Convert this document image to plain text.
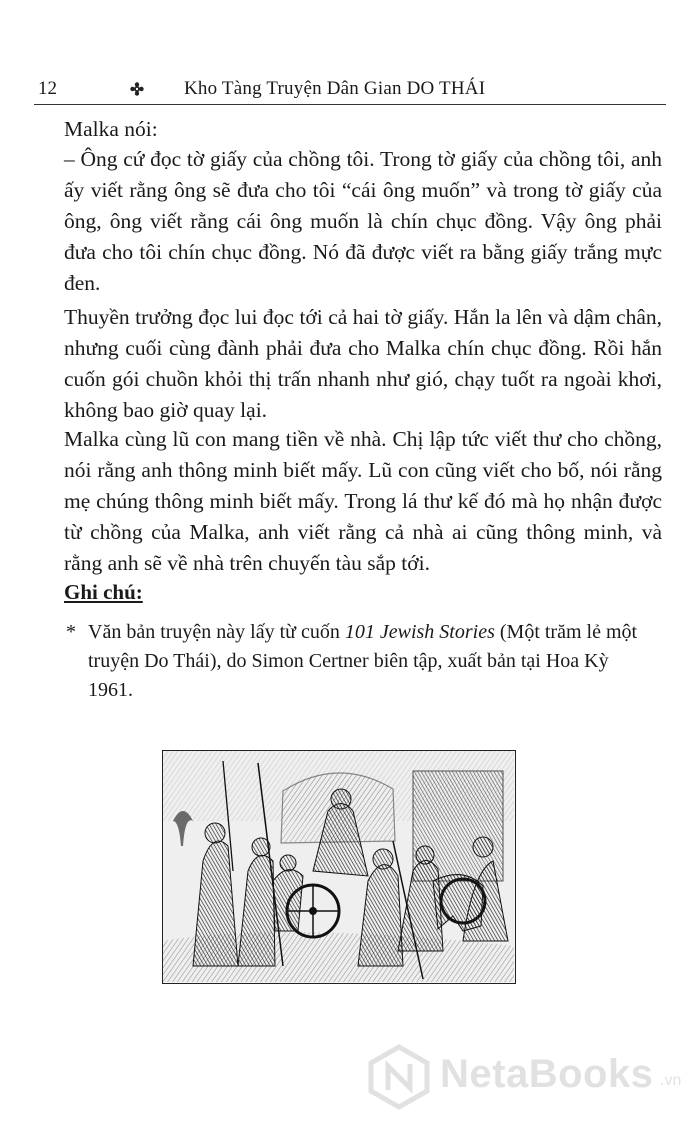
12	Kho Tàng Truyện Dân Gian DO THÁI

Malka nói:

– Ông cứ đọc tờ giấy của chồng tôi. Trong tờ giấy của chồng tôi, anh ấy viết rằng ông sẽ đưa cho tôi “cái ông muốn” và trong tờ giấy của ông, ông viết rằng cái ông muốn là chín chục đồng. Vậy ông phải đưa cho tôi chín chục đồng. Nó đã được viết ra bằng giấy trắng mực đen.

Thuyền trưởng đọc lui đọc tới cả hai tờ giấy. Hắn la lên và dậm chân, nhưng cuối cùng đành phải đưa cho Malka chín chục đồng. Rồi hắn cuốn gói chuồn khỏi thị trấn nhanh như gió, chạy tuốt ra ngoài khơi, không bao giờ quay lại.

Malka cùng lũ con mang tiền về nhà. Chị lập tức viết thư cho chồng, nói rằng anh thông minh biết mấy. Lũ con cũng viết cho bố, nói rằng mẹ chúng thông minh biết mấy. Trong lá thư kế đó mà họ nhận được từ chồng của Malka, anh viết rằng cả nhà ai cũng thông minh, và rằng anh sẽ về nhà trên chuyến tàu sắp tới.

Ghi chú:

* Văn bản truyện này lấy từ cuốn 101 Jewish Stories (Một trăm lẻ một truyện Do Thái), do Simon Certner biên tập, xuất bản tại Hoa Kỳ 1961.

NetaBooks .vn
